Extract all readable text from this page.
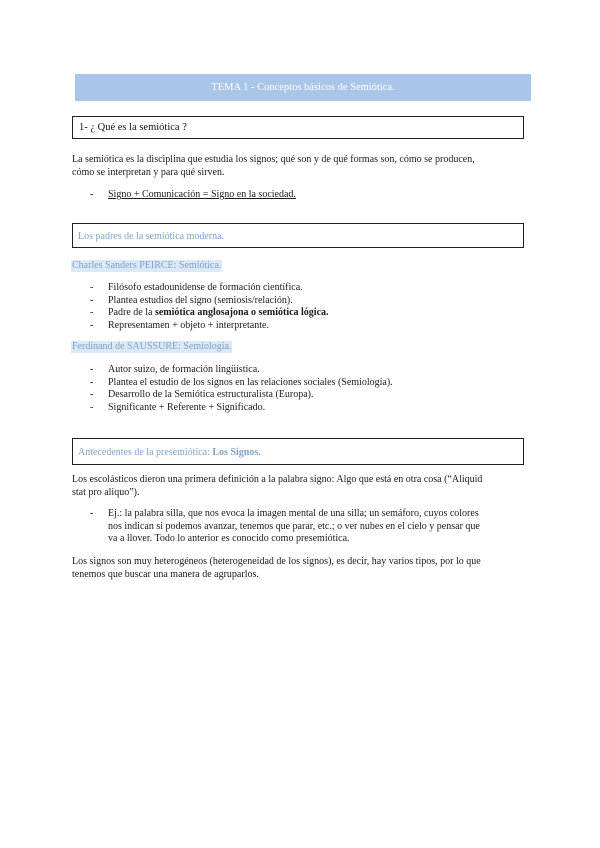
TEMA 1 - Conceptos básicos de Semiótica.
1- ¿ Qué es la semiótica ?
La semiótica es la disciplina que estudia los signos; qué son y de qué formas son, cómo se producen,
cómo se interpretan y para qué sirven.
- Signo + Comunicación = Signo en la sociedad.
Los padres de la semiótica moderna.
Charles Sanders PEIRCE: Semiótica.
- Filósofo estadounidense de formación científica.
- Plantea estudios del signo (semiosis/relación).
- Padre de la semiótica anglosajona o semiótica lógica.
- Representamen + objeto + interpretante.
Ferdinand de SAUSSURE: Semiología.
- Autor suizo, de formación lingüística.
- Plantea el estudio de los signos en las relaciones sociales (Semiología).
- Desarrollo de la Semiótica estructuralista (Europa).
- Significante + Referente + Significado.
Antecedentes de la presemiótica: Los Signos.
Los escolásticos dieron una primera definición a la palabra signo: Algo que está en otra cosa (“Aliquid
stat pro aliquo”).
- Ej.: la palabra silla, que nos evoca la imagen mental de una silla; un semáforo, cuyos colores
nos indican si podemos avanzar, tenemos que parar, etc.; o ver nubes en el cielo y pensar que
va a llover. Todo lo anterior es conocido como presemiótica.
Los signos son muy heterogéneos (heterogeneidad de los signos), es decir, hay varios tipos, por lo que
tenemos que buscar una manera de agruparlos.
